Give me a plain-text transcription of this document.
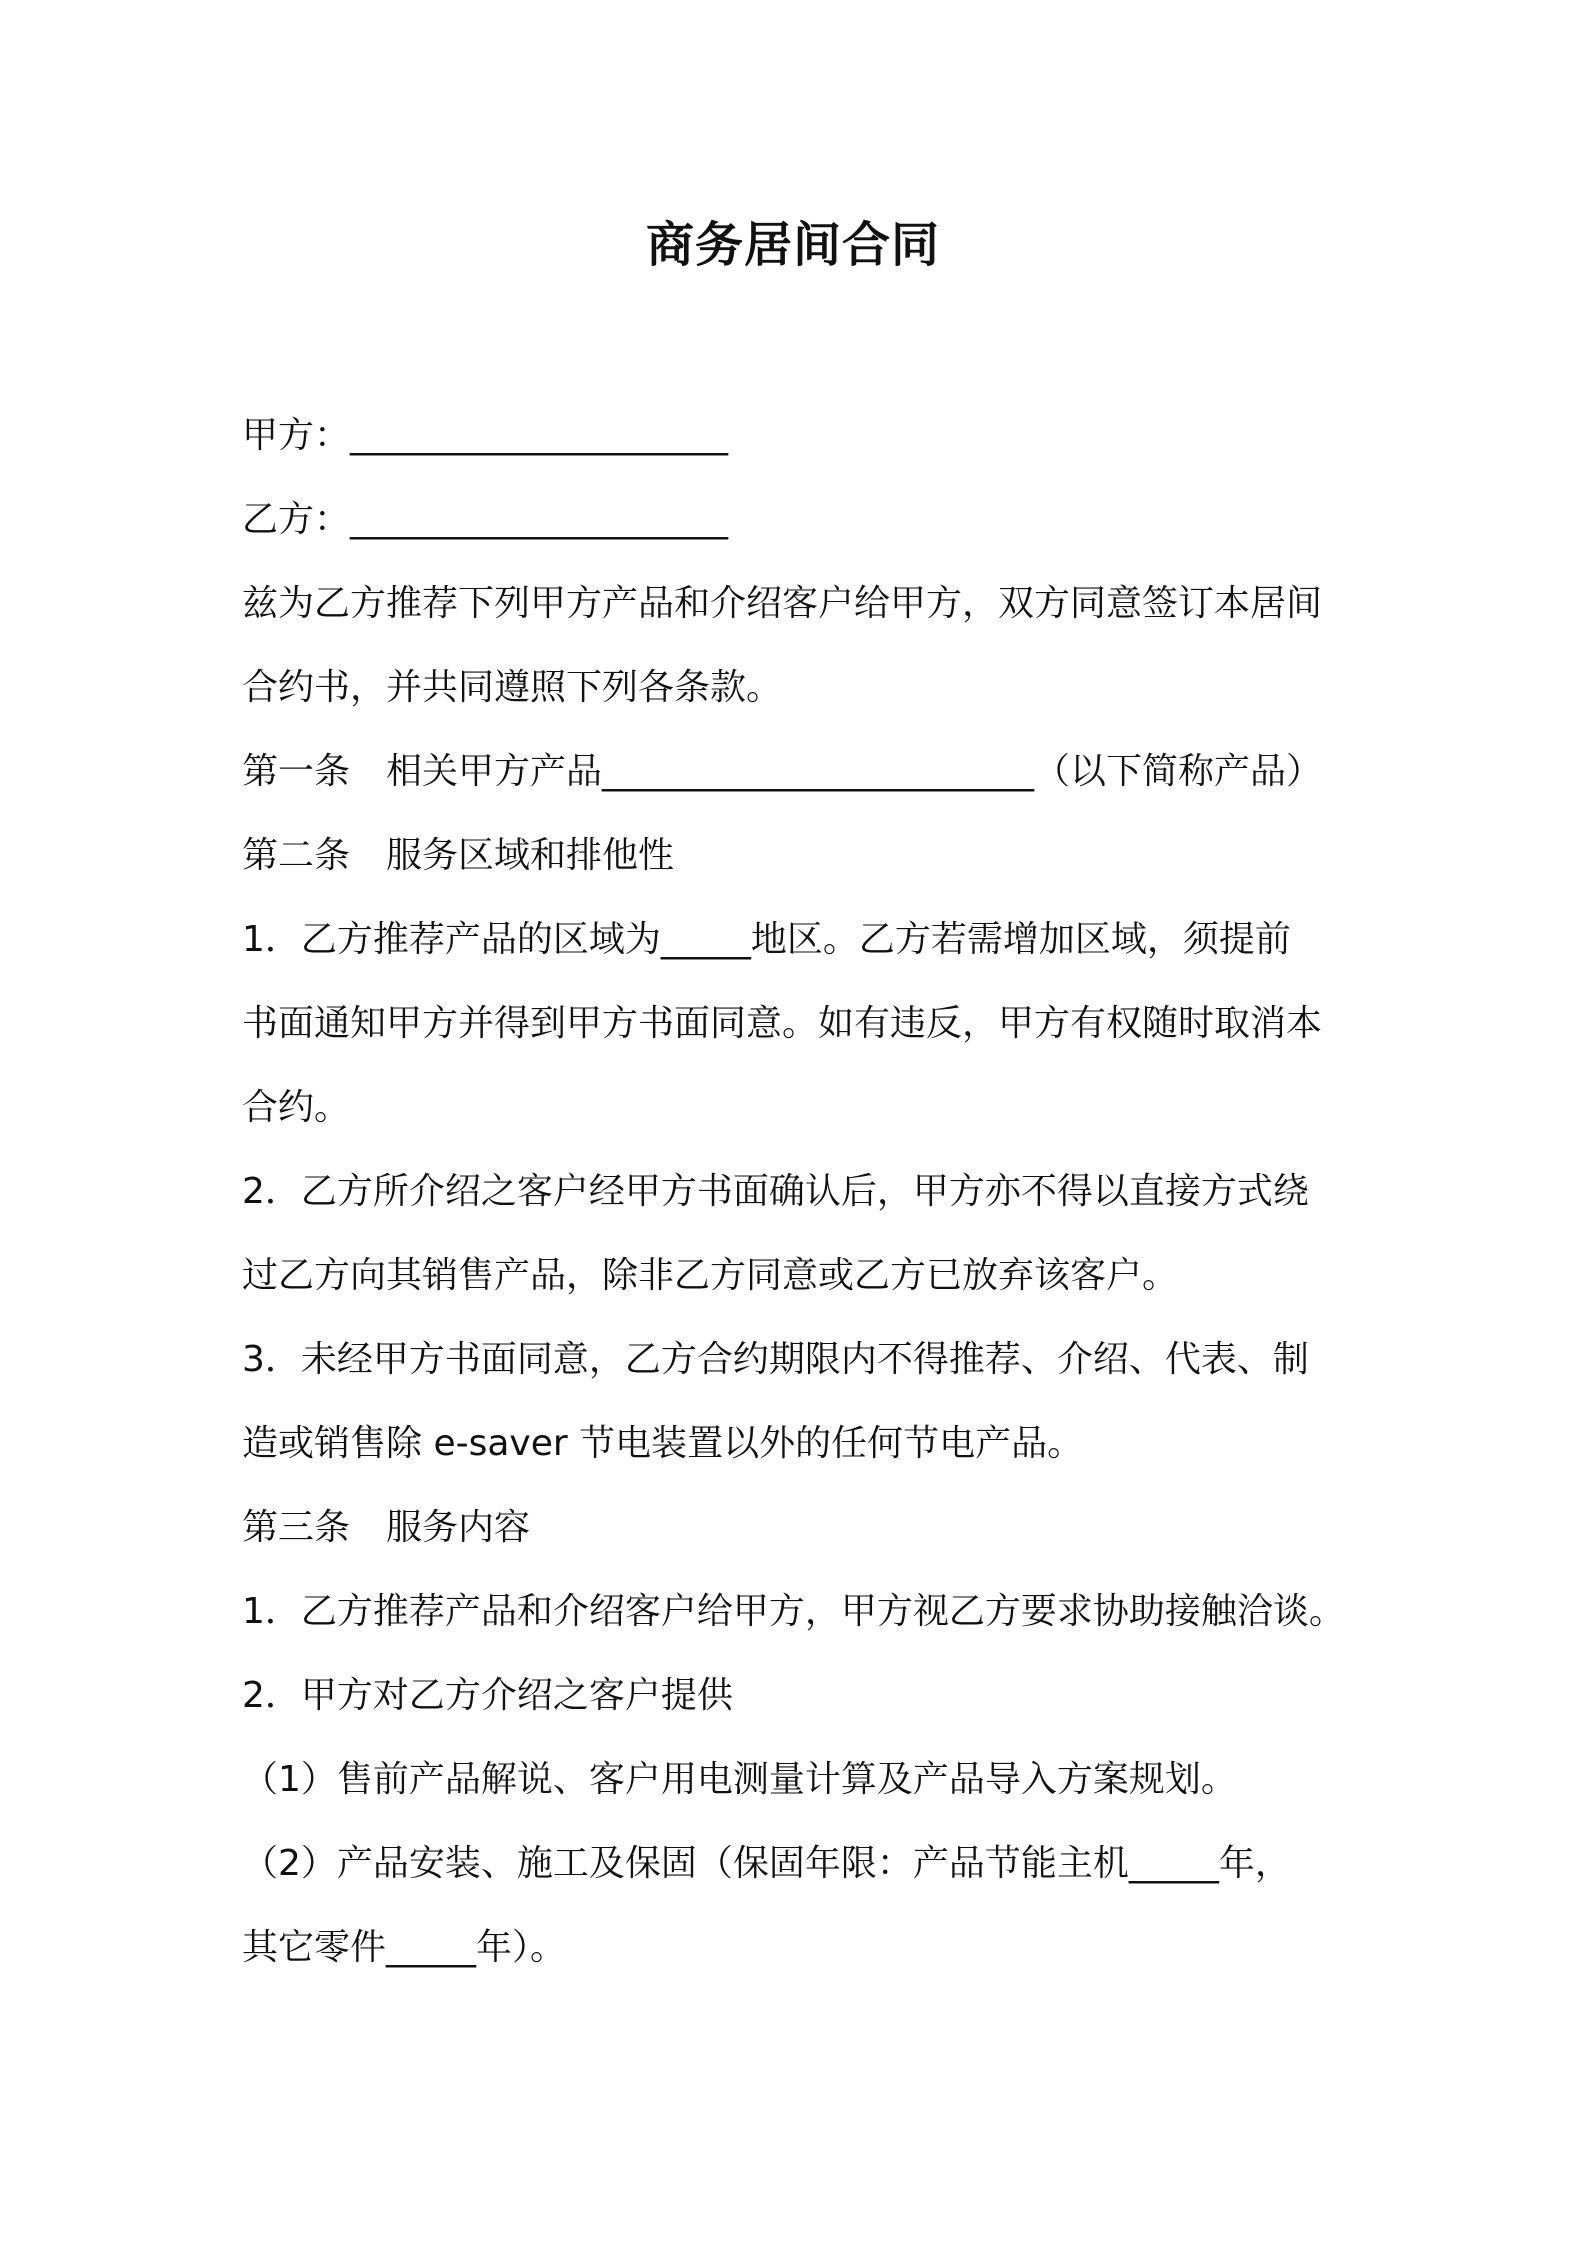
商务居间合同
甲方：_____________________
乙方：_____________________
兹为乙方推荐下列甲方产品和介绍客户给甲方，双方同意签订本居间
合约书，并共同遵照下列各条款。
第一条　相关甲方产品________________________（以下简称产品）
第二条　服务区域和排他性
1．乙方推荐产品的区域为_____地区。乙方若需增加区域，须提前
书面通知甲方并得到甲方书面同意。如有违反，甲方有权随时取消本
合约。
2．乙方所介绍之客户经甲方书面确认后，甲方亦不得以直接方式绕
过乙方向其销售产品，除非乙方同意或乙方已放弃该客户。
3．未经甲方书面同意，乙方合约期限内不得推荐、介绍、代表、制
造或销售除 e-saver 节电装置以外的任何节电产品。
第三条　服务内容
1．乙方推荐产品和介绍客户给甲方，甲方视乙方要求协助接触洽谈。
2．甲方对乙方介绍之客户提供
（1）售前产品解说、客户用电测量计算及产品导入方案规划。
（2）产品安装、施工及保固（保固年限：产品节能主机_____年，
其它零件_____年）。
